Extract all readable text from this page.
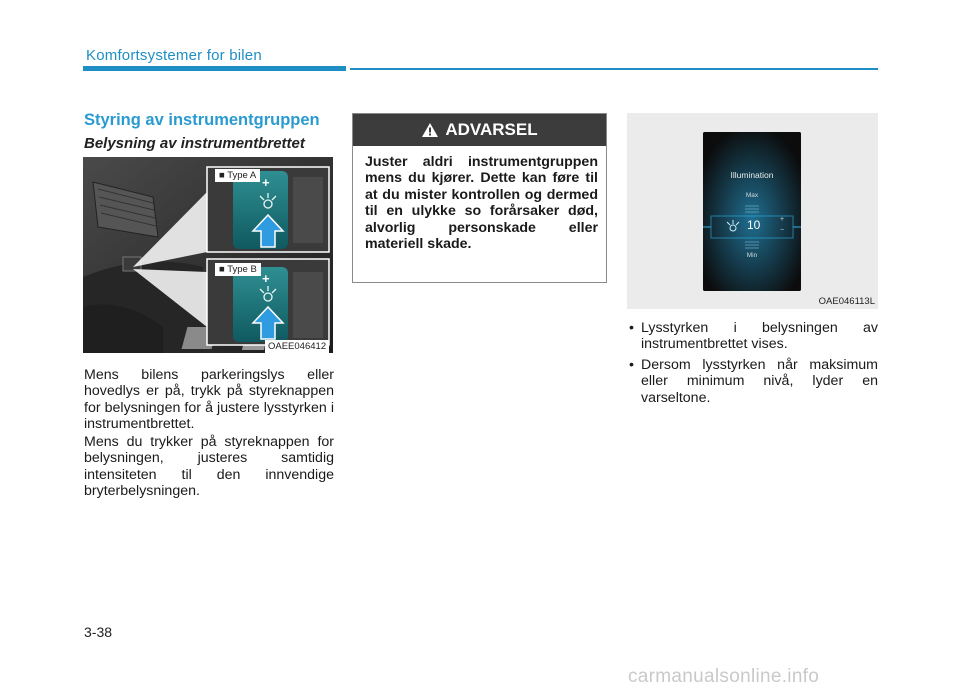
Komfortsystemer for bilen
Styring av instrumentgruppen
Belysning av instrumentbrettet
■ Type A
■ Type B
+
+
OAEE046412
Mens bilens parkeringslys eller hovedlys er på, trykk på styreknappen for belysningen for å justere lysstyrken i instrumentbrettet.
Mens du trykker på styreknappen for belysningen, justeres samtidig intensiteten til den innvendige bryterbelysningen.
ADVARSEL
Juster aldri instrumentgruppen mens du kjører. Dette kan føre til at du mister kontrollen og dermed til en ulykke so forårsaker død, alvorlig personskade eller materiell skade.
Illumination
Max
10	+
−
Min
OAE046113L
• Lysstyrken i belysningen av instrumentbrettet vises.
• Dersom lysstyrken når maksimum eller minimum nivå, lyder en varseltone.
3-38
carmanualsonline.info
